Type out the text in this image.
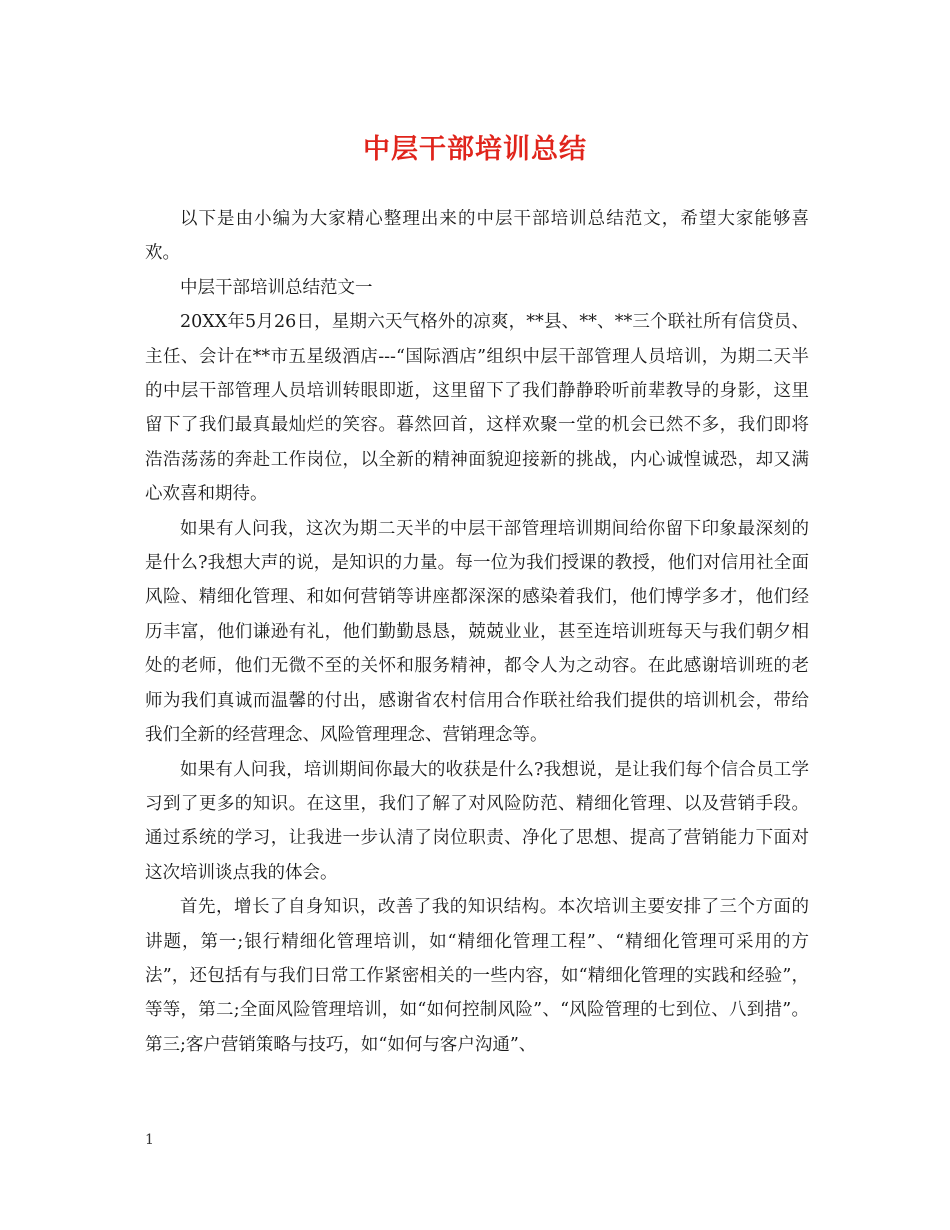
中层干部培训总结

以下是由小编为大家精心整理出来的中层干部培训总结范文，希望大家能够喜欢。

中层干部培训总结范文一

20XX年5月26日，星期六天气格外的凉爽，**县、**、**三个联社所有信贷员、主任、会计在**市五星级酒店---“国际酒店”组织中层干部管理人员培训，为期二天半的中层干部管理人员培训转眼即逝，这里留下了我们静静聆听前辈教导的身影，这里留下了我们最真最灿烂的笑容。暮然回首，这样欢聚一堂的机会已然不多，我们即将浩浩荡荡的奔赴工作岗位，以全新的精神面貌迎接新的挑战，内心诚惶诚恐，却又满心欢喜和期待。

如果有人问我，这次为期二天半的中层干部管理培训期间给你留下印象最深刻的是什么?我想大声的说，是知识的力量。每一位为我们授课的教授，他们对信用社全面风险、精细化管理、和如何营销等讲座都深深的感染着我们，他们博学多才，他们经历丰富，他们谦逊有礼，他们勤勤恳恳，兢兢业业，甚至连培训班每天与我们朝夕相处的老师，他们无微不至的关怀和服务精神，都令人为之动容。在此感谢培训班的老师为我们真诚而温馨的付出，感谢省农村信用合作联社给我们提供的培训机会，带给我们全新的经营理念、风险管理理念、营销理念等。

如果有人问我，培训期间你最大的收获是什么?我想说，是让我们每个信合员工学习到了更多的知识。在这里，我们了解了对风险防范、精细化管理、以及营销手段。通过系统的学习，让我进一步认清了岗位职责、净化了思想、提高了营销能力下面对这次培训谈点我的体会。

首先，增长了自身知识，改善了我的知识结构。本次培训主要安排了三个方面的讲题，第一;银行精细化管理培训，如“精细化管理工程”、“精细化管理可采用的方法”，还包括有与我们日常工作紧密相关的一些内容，如“精细化管理的实践和经验”，等等，第二;全面风险管理培训，如“如何控制风险”、“风险管理的七到位、八到措”。第三;客户营销策略与技巧，如“如何与客户沟通”、

1
